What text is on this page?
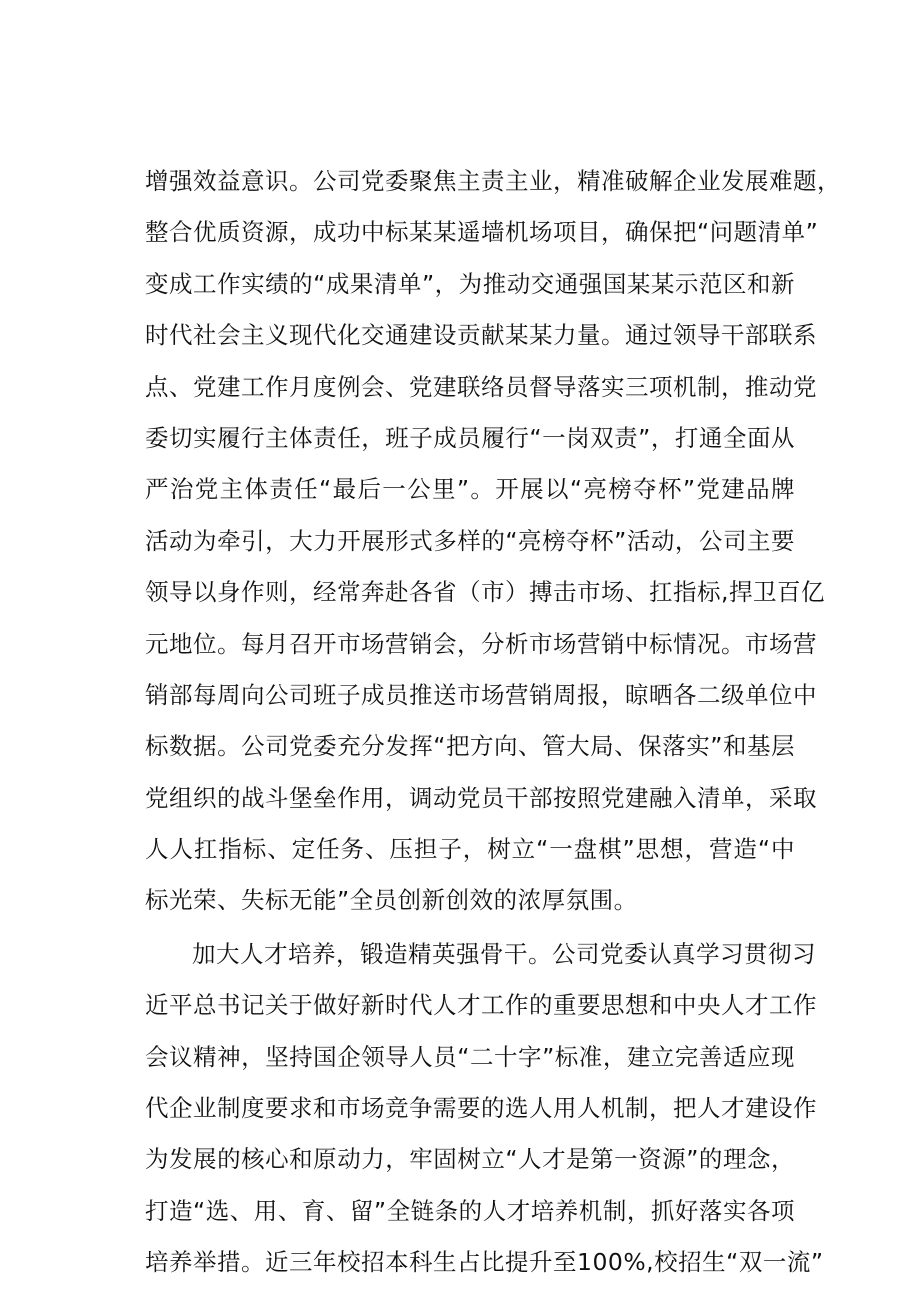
增强效益意识。公司党委聚焦主责主业，精准破解企业发展难题，
整合优质资源，成功中标某某遥墙机场项目，确保把“问题清单”
变成工作实绩的“成果清单”，为推动交通强国某某示范区和新
时代社会主义现代化交通建设贡献某某力量。通过领导干部联系
点、党建工作月度例会、党建联络员督导落实三项机制，推动党
委切实履行主体责任，班子成员履行“一岗双责”，打通全面从
严治党主体责任“最后一公里”。开展以“亮榜夺杯”党建品牌
活动为牵引，大力开展形式多样的“亮榜夺杯”活动，公司主要
领导以身作则，经常奔赴各省（市）搏击市场、扛指标,捍卫百亿
元地位。每月召开市场营销会，分析市场营销中标情况。市场营
销部每周向公司班子成员推送市场营销周报，晾晒各二级单位中
标数据。公司党委充分发挥“把方向、管大局、保落实”和基层
党组织的战斗堡垒作用，调动党员干部按照党建融入清单，采取
人人扛指标、定任务、压担子，树立“一盘棋”思想，营造“中
标光荣、失标无能”全员创新创效的浓厚氛围。
加大人才培养，锻造精英强骨干。公司党委认真学习贯彻习
近平总书记关于做好新时代人才工作的重要思想和中央人才工作
会议精神，坚持国企领导人员“二十字”标准，建立完善适应现
代企业制度要求和市场竞争需要的选人用人机制，把人才建设作
为发展的核心和原动力，牢固树立“人才是第一资源”的理念，
打造“选、用、育、留”全链条的人才培养机制，抓好落实各项
培养举措。近三年校招本科生占比提升至100%,校招生“双一流”
